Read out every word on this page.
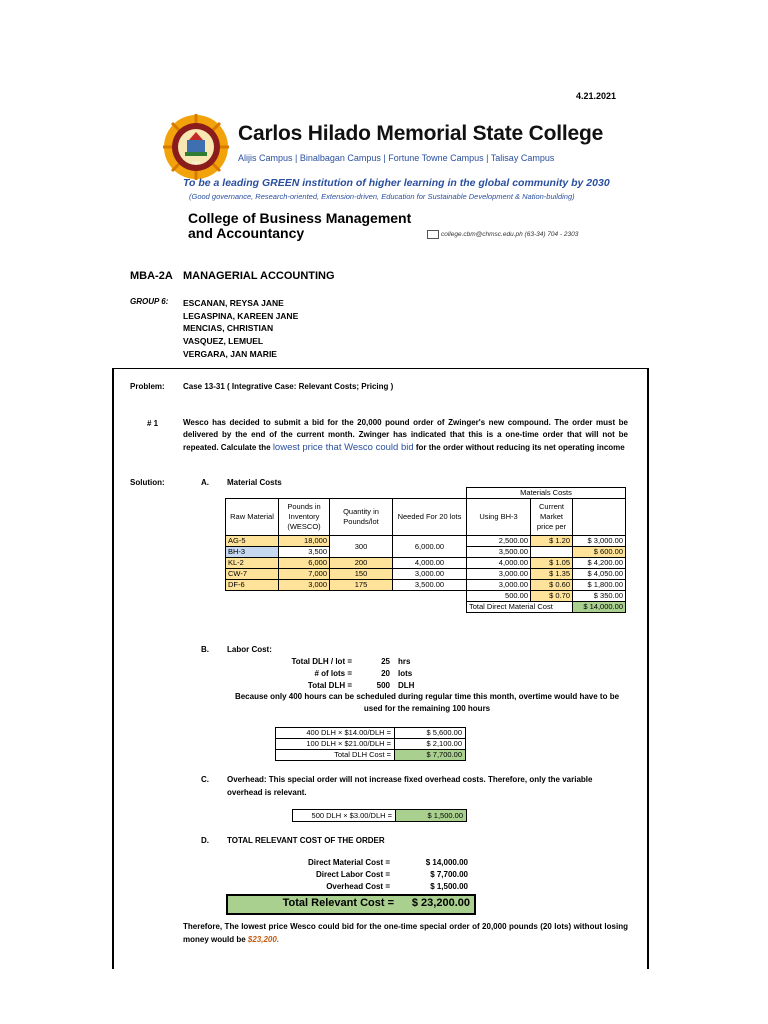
4.21.2021
1954
Carlos Hilado Memorial State College
Alijis Campus | Binalbagan Campus | Fortune Towne Campus | Talisay Campus
To be a leading GREEN institution of higher learning in the global community by 2030
(Good governance, Research-oriented, Extension-driven, Education for Sustainable Development & Nation-building)
College of Business Management
and Accountancy	college.cbm@chmsc.edu.ph (63-34) 704 - 2303
MBA-2A MANAGERIAL ACCOUNTING
GROUP 6: ESCANAN, REYSA JANE
LEGASPINA, KAREEN JANE
MENCIAS, CHRISTIAN
VASQUEZ, LEMUEL
VERGARA, JAN MARIE
Problem: Case 13-31 ( Integrative Case: Relevant Costs; Pricing )
# 1	Wesco has decided to submit a bid for the 20,000 pound order of Zwinger's new compound. The order must be delivered by the end of the current month. Zwinger has indicated that this is a one-time order that will not be repeated. Calculate the lowest price that Wesco could bid for the order without reducing its net operating income
Solution:	A. Material Costs
				Materials Costs		
Raw Material	Pounds in Inventory (WESCO)	Quantity in Pounds/lot	Needed For 20 lots	Using BH-3	Current Market price per	
AG-5	18,000	300	6,000.00	2,500.00	$ 1.20	$ 3,000.00
BH-3	3,500			3,500.00		$ 600.00
KL-2	6,000	200	4,000.00	4,000.00	$ 1.05	$ 4,200.00
CW-7	7,000	150	3,000.00	3,000.00	$ 1.35	$ 4,050.00
DF-6	3,000	175	3,500.00	3,000.00	$ 0.60	$ 1,800.00
				500.00	$ 0.70	$ 350.00
				Total Direct Material Cost		$ 14,000.00
B. Labor Cost:
Total DLH / lot =	25 hrs
# of lots =	20 lots
Total DLH =	500 DLH
Because only 400 hours can be scheduled during regular time this month, overtime would have to be used for the remaining 100 hours
400 DLH × $14.00/DLH =	$ 5,600.00
100 DLH × $21.00/DLH =	$ 2,100.00
Total DLH Cost =	$ 7,700.00
C. Overhead: This special order will not increase fixed overhead costs. Therefore, only the variable overhead is relevant.
500 DLH × $3.00/DLH =	$ 1,500.00
D. TOTAL RELEVANT COST OF THE ORDER
Direct Material Cost =	$ 14,000.00
Direct Labor Cost =	$ 7,700.00
Overhead Cost =	$ 1,500.00
Total Relevant Cost =	$ 23,200.00
Therefore, The lowest price Wesco could bid for the one-time special order of 20,000 pounds (20 lots) without losing money would be $23,200.
